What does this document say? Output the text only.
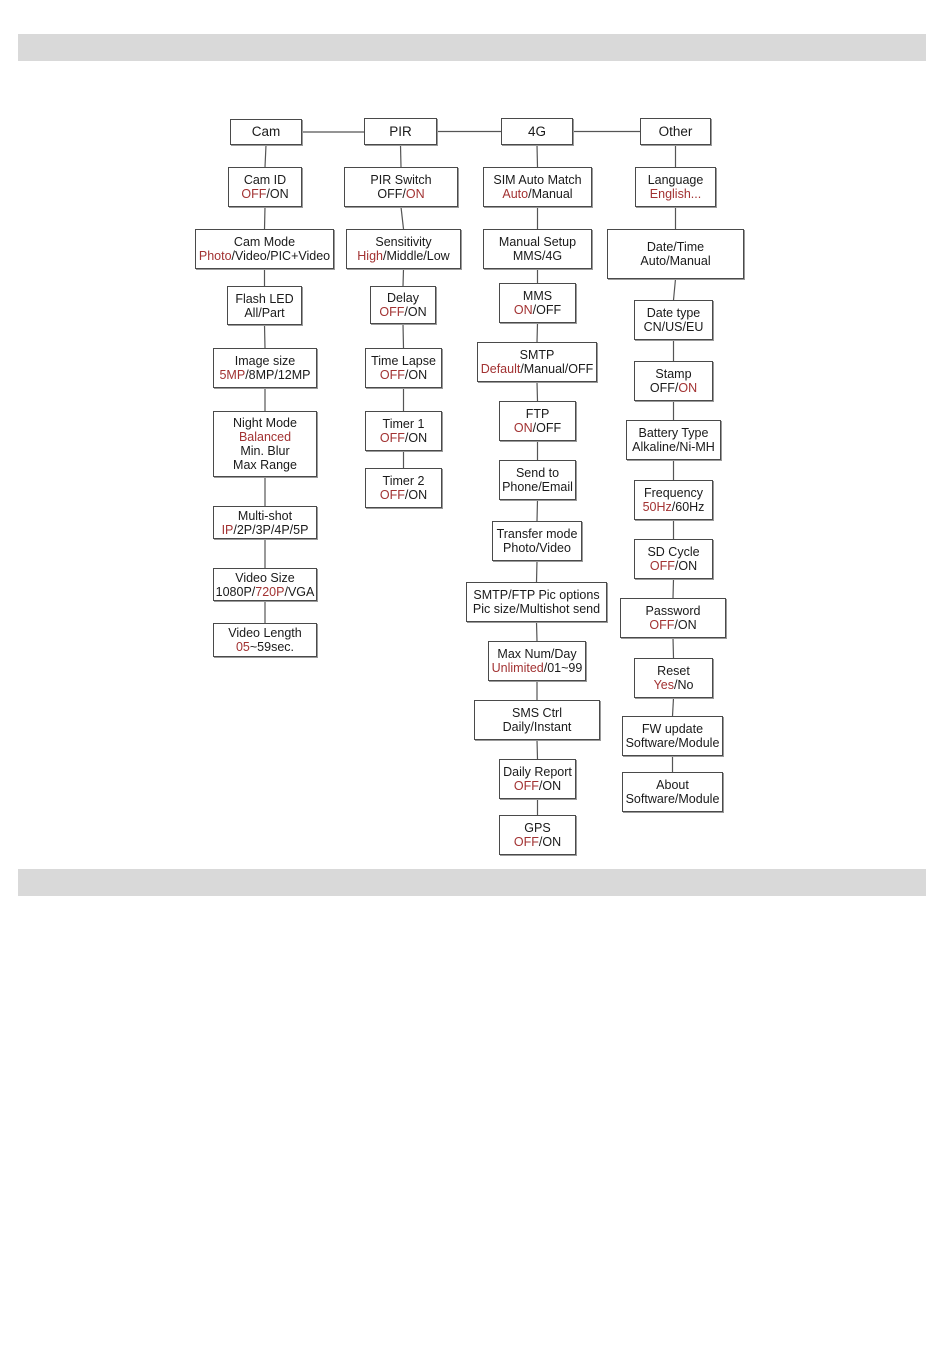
Cam
Cam ID
OFF/ON
Cam Mode
Photo/Video/PIC+Video
Flash LED
All/Part
Image size
5MP/8MP/12MP
Night Mode
Balanced
Min. Blur
Max Range
Multi-shot
IP/2P/3P/4P/5P
Video Size
1080P/720P/VGA
Video Length
05~59sec.
PIR
PIR Switch
OFF/ON
Sensitivity
High/Middle/Low
Delay
OFF/ON
Time Lapse
OFF/ON
Timer 1
OFF/ON
Timer 2
OFF/ON
4G
SIM Auto Match
Auto/Manual
Manual Setup
MMS/4G
MMS
ON/OFF
SMTP
Default/Manual/OFF
FTP
ON/OFF
Send to
Phone/Email
Transfer mode
Photo/Video
SMTP/FTP Pic options
Pic size/Multishot send
Max Num/Day
Unlimited/01~99
SMS Ctrl
Daily/Instant
Daily Report
OFF/ON
GPS
OFF/ON
Other
Language
English...
Date/Time
Auto/Manual
Date type
CN/US/EU
Stamp
OFF/ON
Battery Type
Alkaline/Ni-MH
Frequency
50Hz/60Hz
SD Cycle
OFF/ON
Password
OFF/ON
Reset
Yes/No
FW update
Software/Module
About
Software/Module
